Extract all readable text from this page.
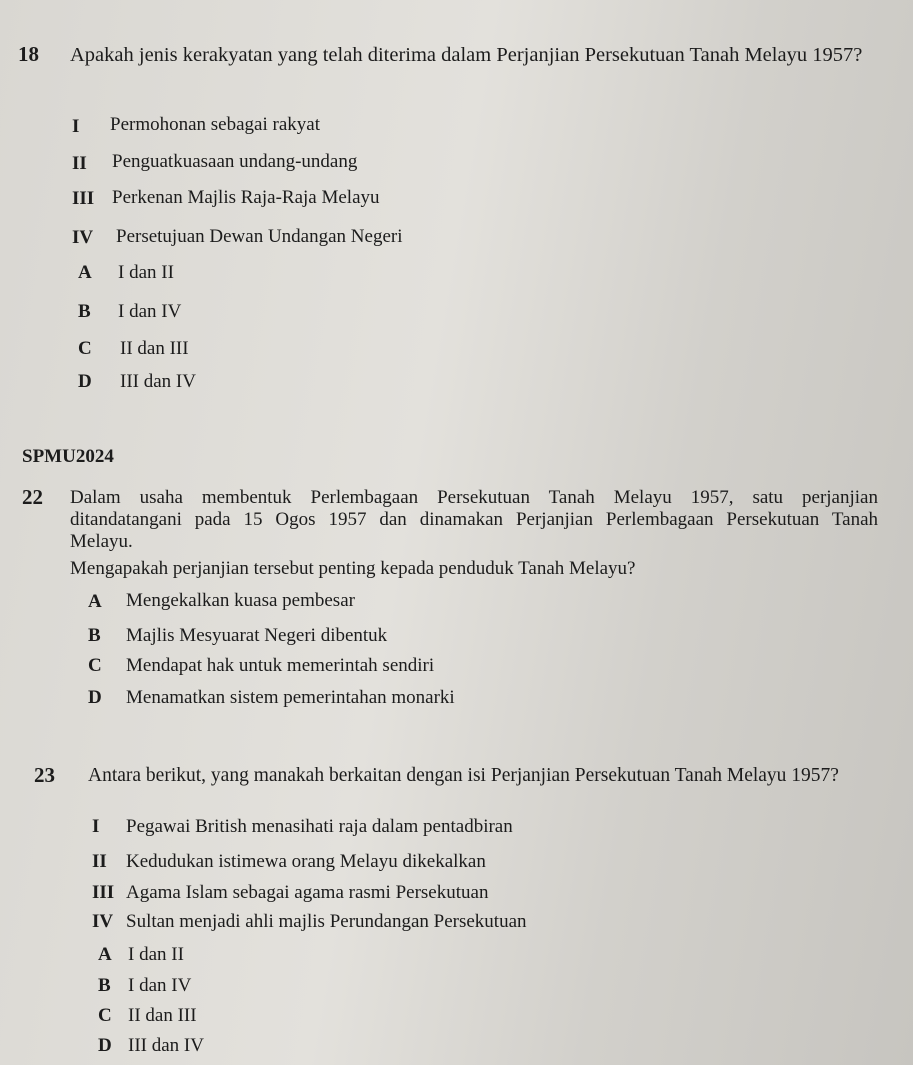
18 Apakah jenis kerakyatan yang telah diterima dalam Perjanjian Persekutuan Tanah Melayu 1957?
I Permohonan sebagai rakyat
II Penguatkuasaan undang-undang
III Perkenan Majlis Raja-Raja Melayu
IV Persetujuan Dewan Undangan Negeri
A I dan II
B I dan IV
C II dan III
D III dan IV
SPMU2024
22 Dalam usaha membentuk Perlembagaan Persekutuan Tanah Melayu 1957, satu perjanjian
ditandatangani pada 15 Ogos 1957 dan dinamakan Perjanjian Perlembagaan Persekutuan Tanah
Melayu.
Mengapakah perjanjian tersebut penting kepada penduduk Tanah Melayu?
A Mengekalkan kuasa pembesar
B Majlis Mesyuarat Negeri dibentuk
C Mendapat hak untuk memerintah sendiri
D Menamatkan sistem pemerintahan monarki
23 Antara berikut, yang manakah berkaitan dengan isi Perjanjian Persekutuan Tanah Melayu 1957?
I Pegawai British menasihati raja dalam pentadbiran
II Kedudukan istimewa orang Melayu dikekalkan
III Agama Islam sebagai agama rasmi Persekutuan
IV Sultan menjadi ahli majlis Perundangan Persekutuan
A I dan II
B I dan IV
C II dan III
D III dan IV
